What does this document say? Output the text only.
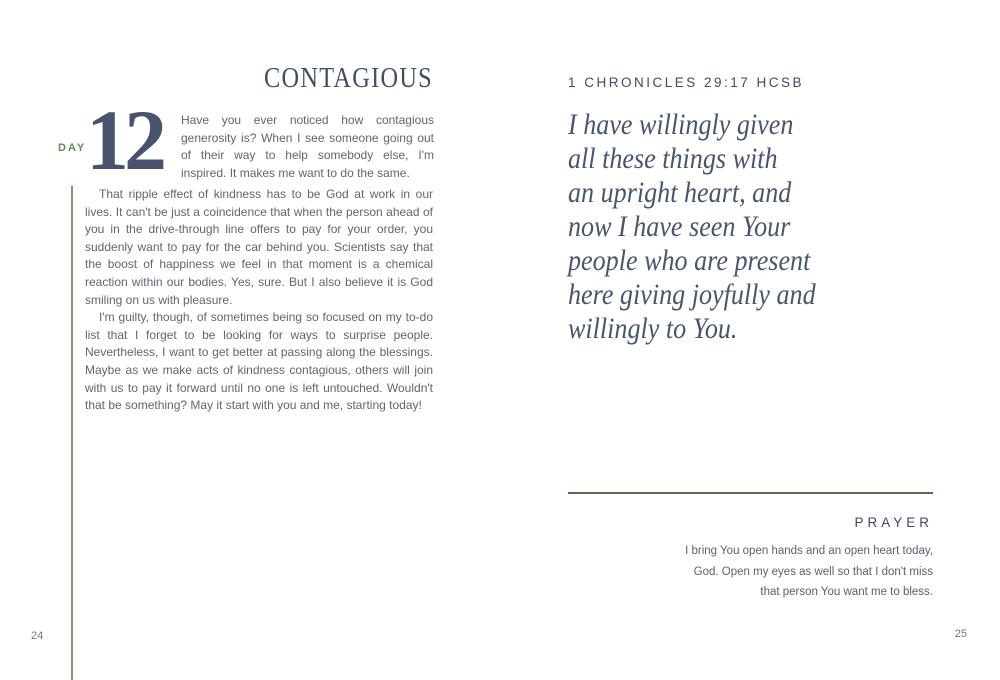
CONTAGIOUS
DAY 12 Have you ever noticed how contagious generosity is? When I see someone going out of their way to help somebody else, I'm inspired. It makes me want to do the same.

That ripple effect of kindness has to be God at work in our lives. It can't be just a coincidence that when the person ahead of you in the drive-through line offers to pay for your order, you suddenly want to pay for the car behind you. Scientists say that the boost of happiness we feel in that moment is a chemical reaction within our bodies. Yes, sure. But I also believe it is God smiling on us with pleasure.

I'm guilty, though, of sometimes being so focused on my to-do list that I forget to be looking for ways to surprise people. Nevertheless, I want to get better at passing along the blessings. Maybe as we make acts of kindness contagious, others will join with us to pay it forward until no one is left untouched. Wouldn't that be something? May it start with you and me, starting today!

24
1 CHRONICLES 29:17 HCSB
I have willingly given
all these things with
an upright heart, and
now I have seen Your
people who are present
here giving joyfully and
willingly to You.
PRAYER
I bring You open hands and an open heart today,
God. Open my eyes as well so that I don't miss
that person You want me to bless.
25
